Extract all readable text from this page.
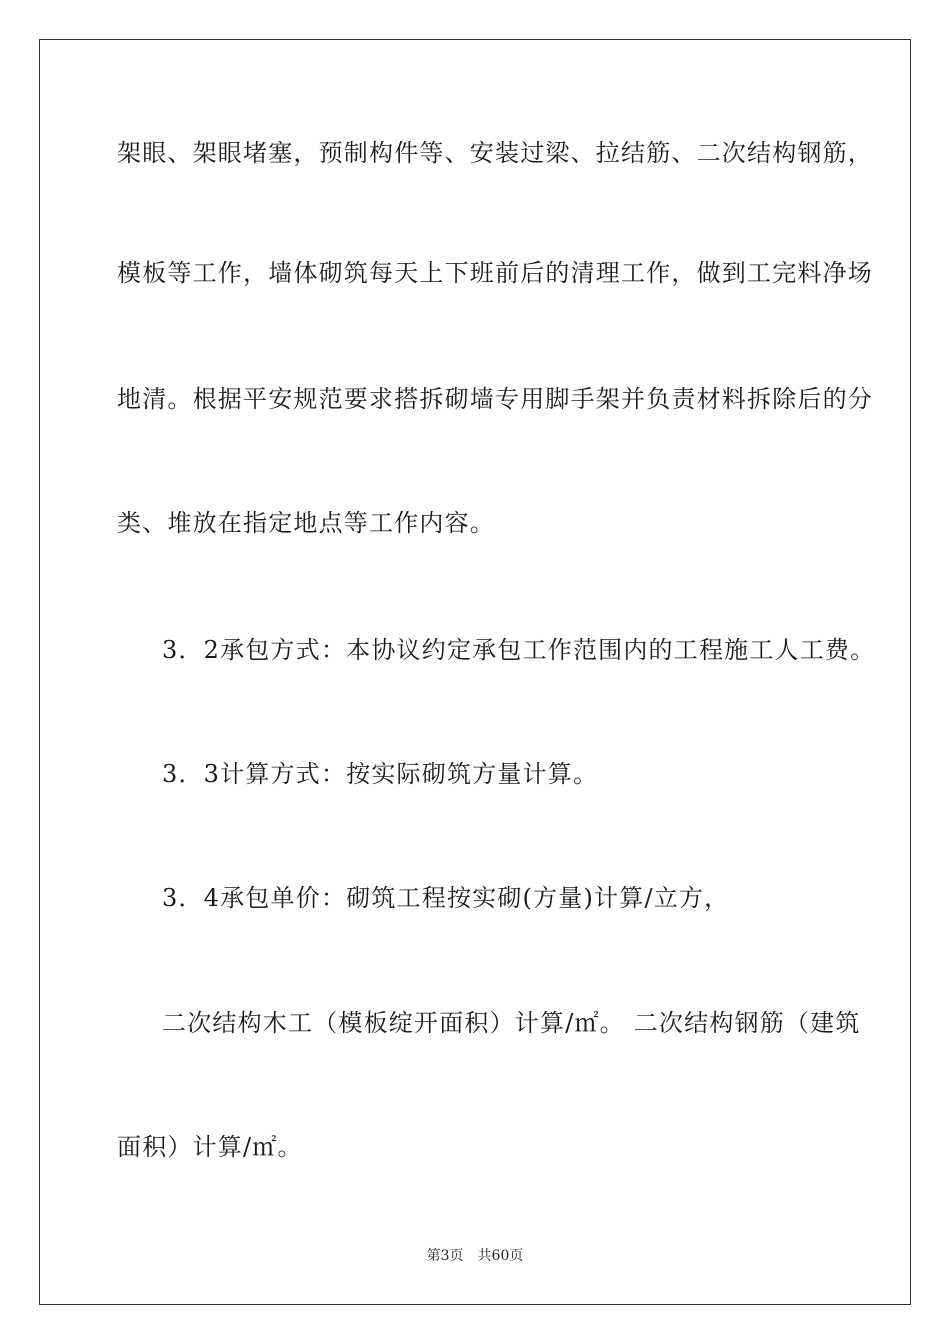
架眼、架眼堵塞，预制构件等、安装过梁、拉结筋、二次结构钢筋，
模板等工作，墙体砌筑每天上下班前后的清理工作，做到工完料净场
地清。根据平安规范要求搭拆砌墙专用脚手架并负责材料拆除后的分
类、堆放在指定地点等工作内容。
3．2承包方式：本协议约定承包工作范围内的工程施工人工费。
3．3计算方式：按实际砌筑方量计算。
3．4承包单价：砌筑工程按实砌(方量)计算/立方，
二次结构木工（模板绽开面积）计算/㎡。 二次结构钢筋（建筑
面积）计算/㎡。
第3页 共60页
